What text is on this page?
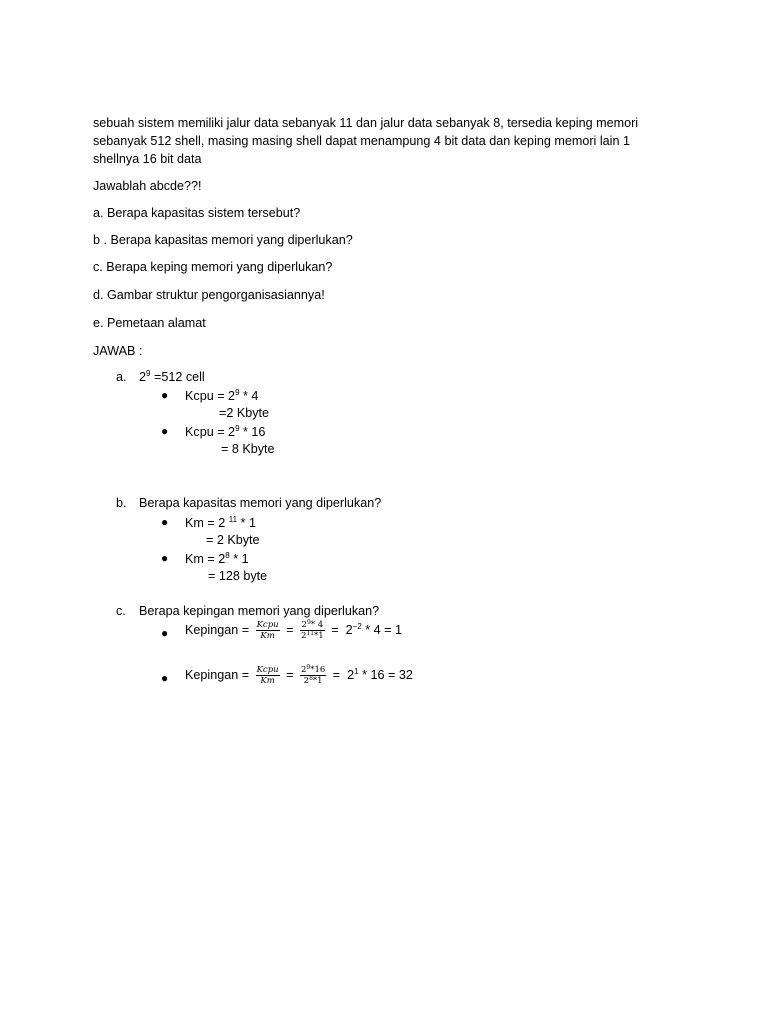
sebuah sistem memiliki jalur data sebanyak 11 dan jalur data sebanyak 8, tersedia keping memori

sebanyak 512 shell, masing masing shell dapat menampung 4 bit data dan keping memori lain 1

shellnya 16 bit data

Jawablah abcde??!
a. Berapa kapasitas sistem tersebut?
b . Berapa kapasitas memori yang diperlukan?
c. Berapa keping memori yang diperlukan?
d. Gambar struktur pengorganisasiannya!
e. Pemetaan alamat
JAWAB :
a. $2^9 =512$ cell
● Kcpu = $2^9 * 4$
=2 Kbyte
● Kcpu = $2^9 * 16$
= 8 Kbyte
b. Berapa kapasitas memori yang diperlukan?
● Km = 2 $^{11}$ * 1
= 2 Kbyte
● $Km = 2^8 * 1$
= 128 byte
c. Berapa kepingan memori yang diperlukan?
● Kepingan = $\frac{\text{Kcpu}}{Km} = \frac{2^9* 4}{2^{11}*1} = 2^{-2} * 4 = 1$
● Kepingan = $\frac{\text{Kcpu}}{Km} = \frac{2^9*16}{2^8*1} = 2^1 * 16 = 32$
